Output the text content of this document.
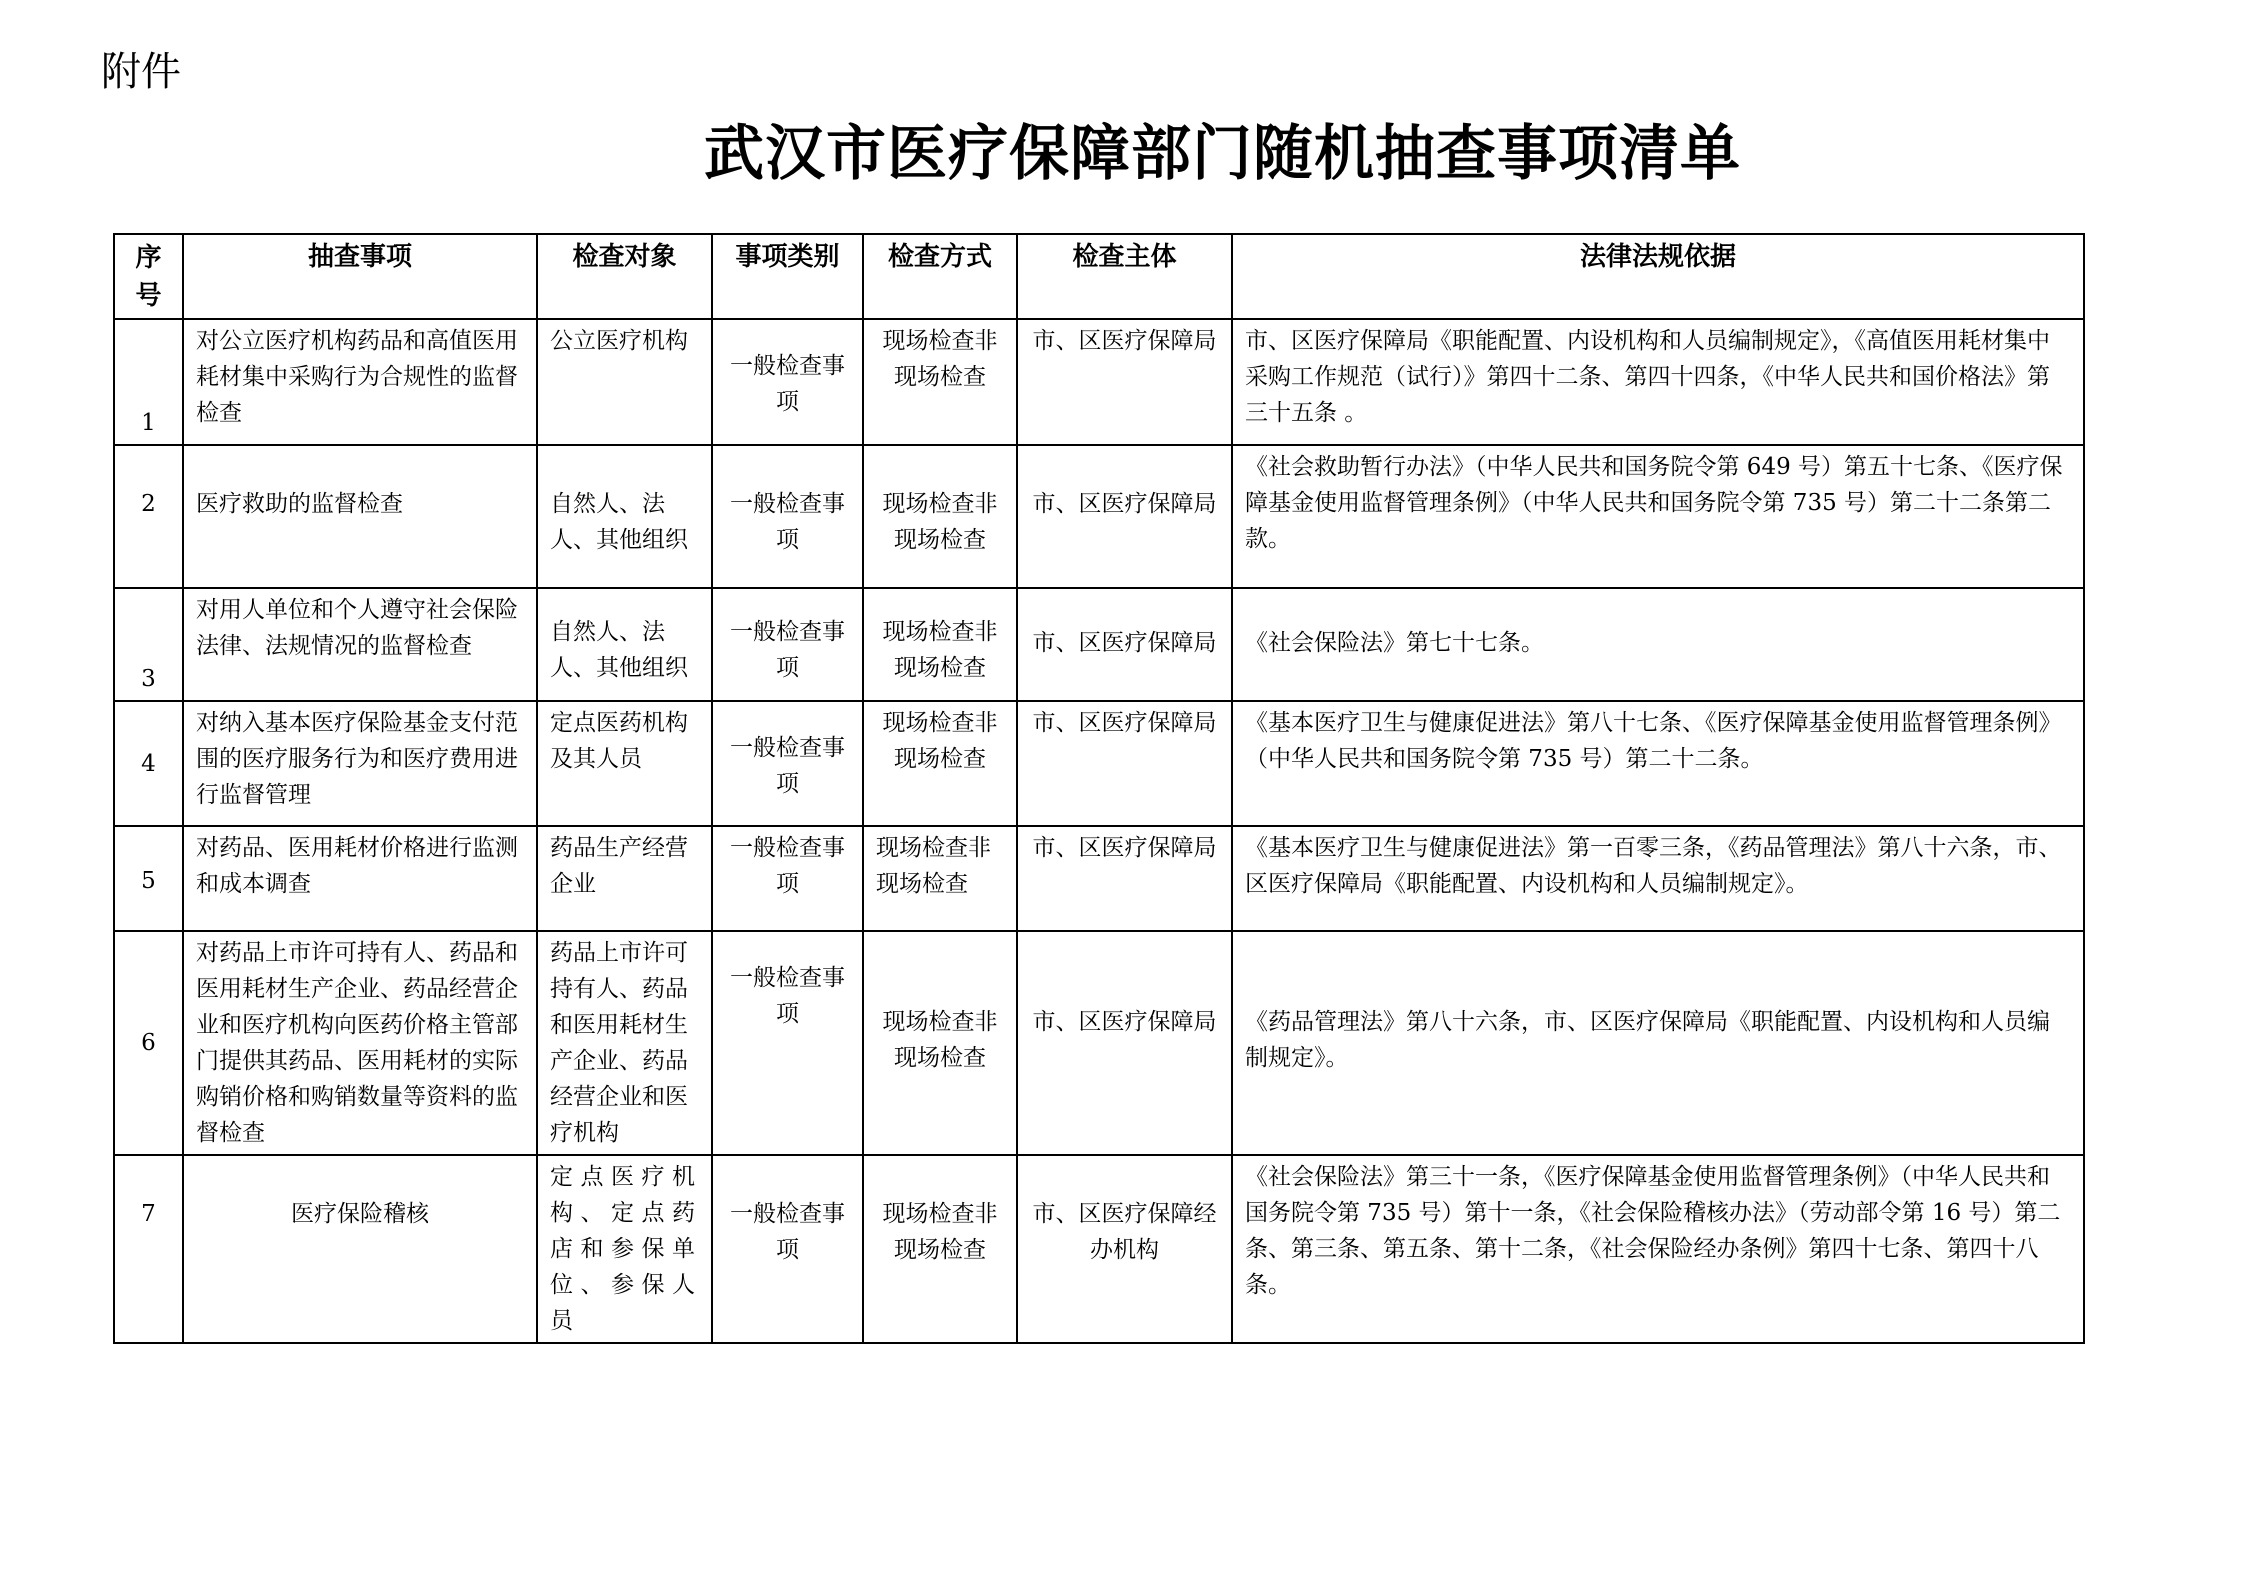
附件
武汉市医疗保障部门随机抽查事项清单
序号	抽查事项	检查对象	事项类别	检查方式	检查主体	法律法规依据
1	对公立医疗机构药品和高值医用耗材集中采购行为合规性的监督检查	公立医疗机构	一般检查事项	现场检查非现场检查	市、区医疗保障局	市、区医疗保障局《职能配置、内设机构和人员编制规定》，《高值医用耗材集中采购工作规范（试行）》第四十二条、第四十四条，《中华人民共和国价格法》第三十五条 。
2	医疗救助的监督检查	自然人、法人、其他组织	一般检查事项	现场检查非现场检查	市、区医疗保障局	《社会救助暂行办法》（中华人民共和国务院令第 649 号）第五十七条、《医疗保障基金使用监督管理条例》（中华人民共和国务院令第 735 号）第二十二条第二款。
3	对用人单位和个人遵守社会保险法律、法规情况的监督检查	自然人、法人、其他组织	一般检查事项	现场检查非现场检查	市、区医疗保障局	《社会保险法》第七十七条。
4	对纳入基本医疗保险基金支付范围的医疗服务行为和医疗费用进行监督管理	定点医药机构及其人员	一般检查事项	现场检查非现场检查	市、区医疗保障局	《基本医疗卫生与健康促进法》第八十七条、《医疗保障基金使用监督管理条例》（中华人民共和国务院令第 735 号）第二十二条。
5	对药品、医用耗材价格进行监测和成本调查	药品生产经营企业	一般检查事项	现场检查非现场检查	市、区医疗保障局	《基本医疗卫生与健康促进法》第一百零三条，《药品管理法》第八十六条，市、区医疗保障局《职能配置、内设机构和人员编制规定》。
6	对药品上市许可持有人、药品和医用耗材生产企业、药品经营企业和医疗机构向医药价格主管部门提供其药品、医用耗材的实际购销价格和购销数量等资料的监督检查	药品上市许可持有人、药品和医用耗材生产企业、药品经营企业和医疗机构	一般检查事项	现场检查非现场检查	市、区医疗保障局	《药品管理法》第八十六条，市、区医疗保障局《职能配置、内设机构和人员编制规定》。
7	医疗保险稽核	定点医疗机构、定点药店和参保单位、参保人员	一般检查事项	现场检查非现场检查	市、区医疗保障经办机构	《社会保险法》第三十一条，《医疗保障基金使用监督管理条例》（中华人民共和国务院令第 735 号）第十一条，《社会保险稽核办法》（劳动部令第 16 号）第二条、第三条、第五条、第十二条，《社会保险经办条例》第四十七条、第四十八条。
